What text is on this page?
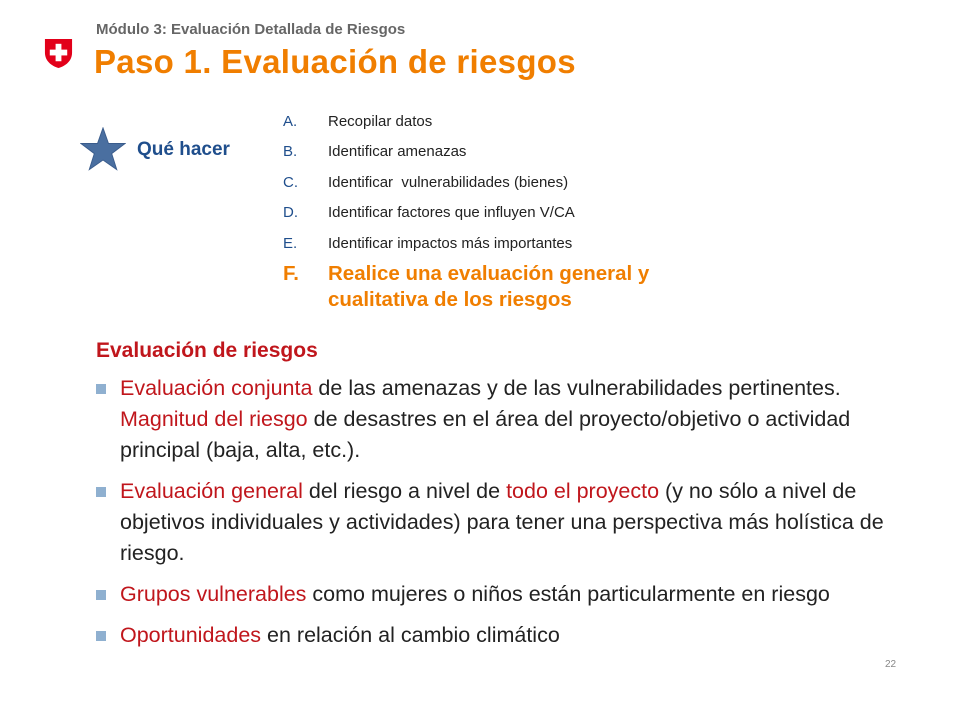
Módulo 3: Evaluación Detallada de Riesgos
Paso 1. Evaluación de riesgos
Qué hacer
A.	Recopilar datos
B.	Identificar amenazas
C.	Identificar  vulnerabilidades (bienes)
D.	Identificar factores que influyen V/CA
E.	Identificar impactos más importantes
F.	Realice una evaluación general y cualitativa de los riesgos
Evaluación de riesgos
Evaluación conjunta de las amenazas y de las vulnerabilidades pertinentes. Magnitud del riesgo de desastres en el área del proyecto/objetivo o actividad principal (baja, alta, etc.).
Evaluación general del riesgo a nivel de todo el proyecto (y no sólo a nivel de objetivos individuales y actividades) para tener una perspectiva más holística de riesgo.
Grupos vulnerables como mujeres o niños están particularmente en riesgo
Oportunidades en relación al cambio climático
22
